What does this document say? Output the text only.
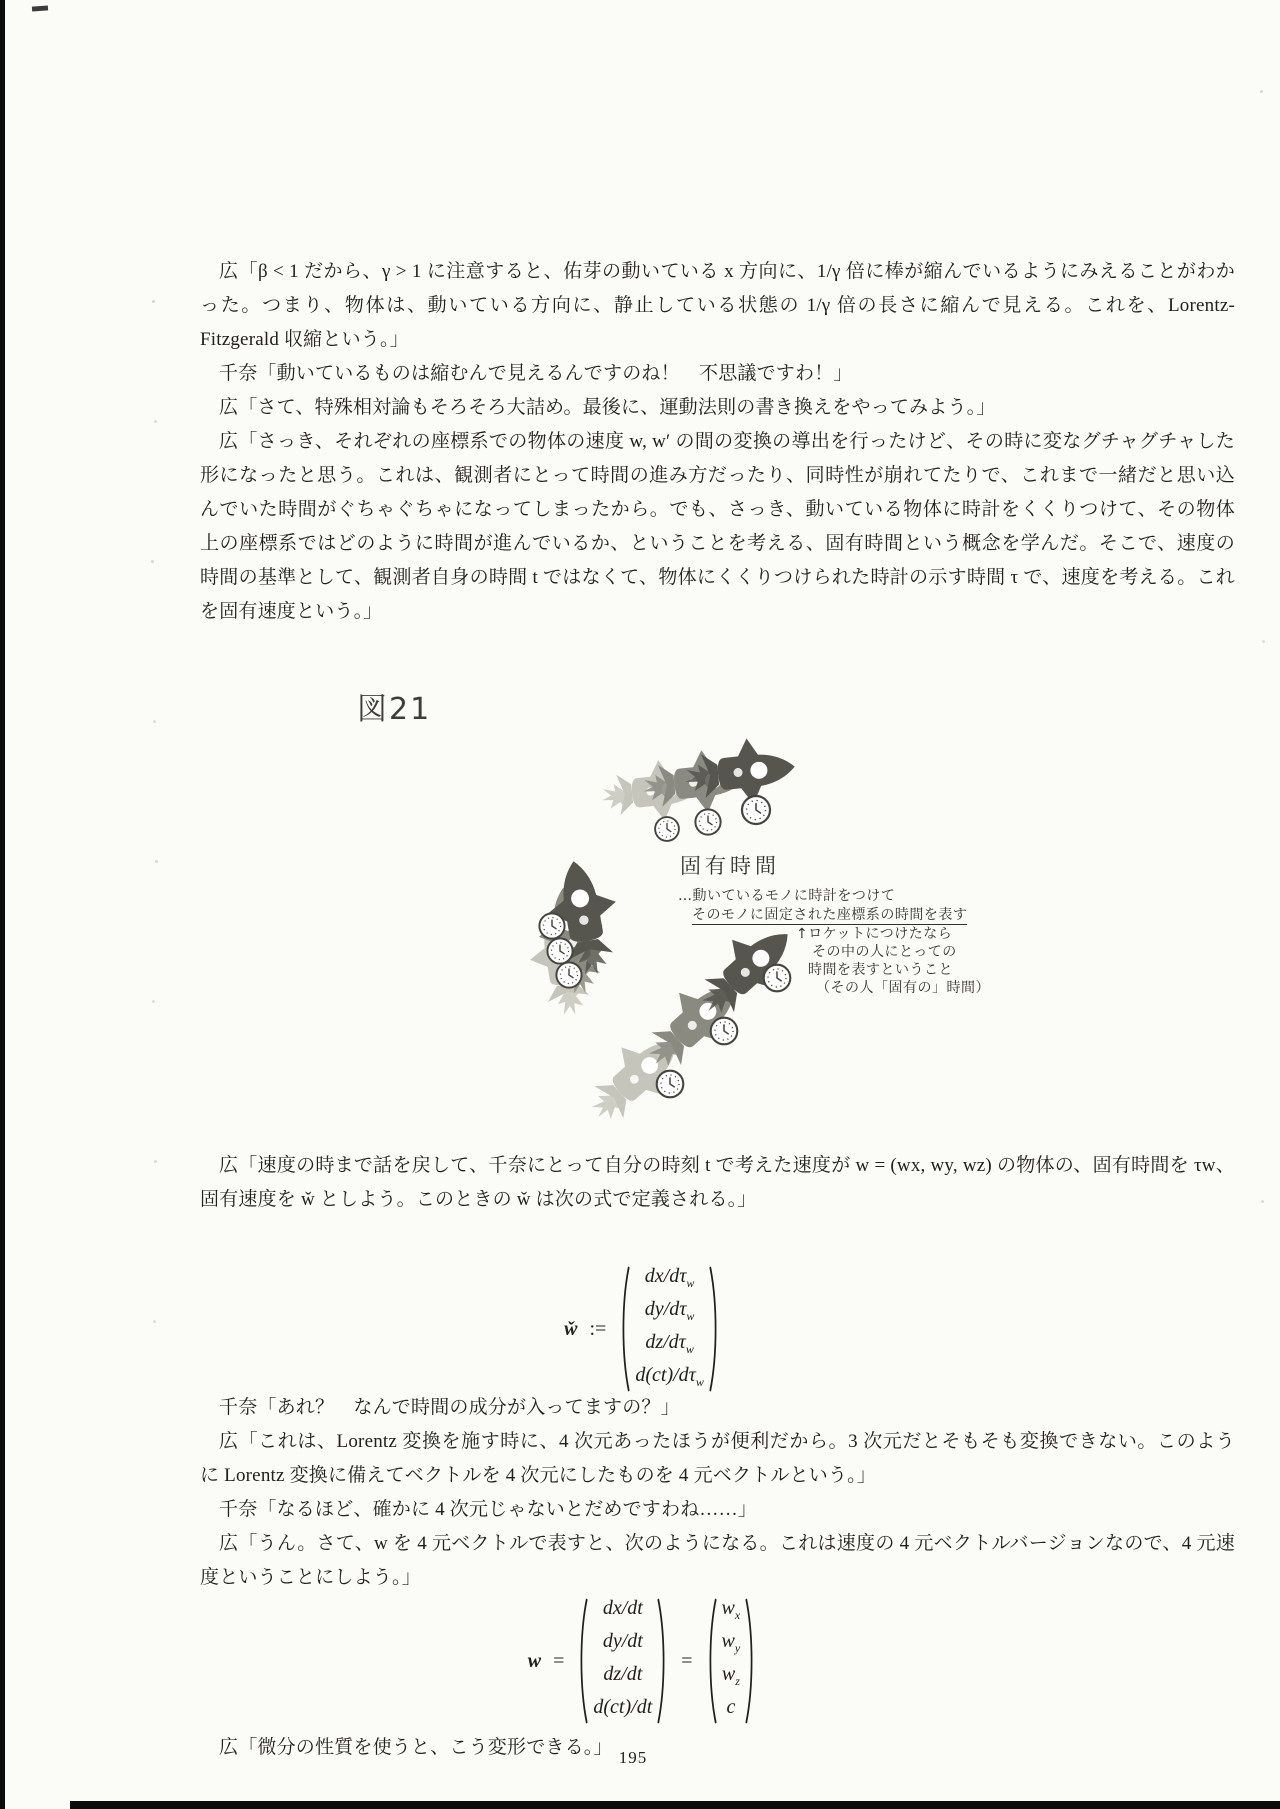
広「β < 1 だから、γ > 1 に注意すると、佑芽の動いている x 方向に、1/γ 倍に棒が縮んでいるようにみえることがわかった。つまり、物体は、動いている方向に、静止している状態の 1/γ 倍の長さに縮んで見える。これを、Lorentz-Fitzgerald 収縮という。」

千奈「動いているものは縮むんで見えるんですのね！　不思議ですわ！」

広「さて、特殊相対論もそろそろ大詰め。最後に、運動法則の書き換えをやってみよう。」

広「さっき、それぞれの座標系での物体の速度 w, w′ の間の変換の導出を行ったけど、その時に変なグチャグチャした形になったと思う。これは、観測者にとって時間の進み方だったり、同時性が崩れてたりで、これまで一緒だと思い込んでいた時間がぐちゃぐちゃになってしまったから。でも、さっき、動いている物体に時計をくくりつけて、その物体上の座標系ではどのように時間が進んでいるか、ということを考える、固有時間という概念を学んだ。そこで、速度の時間の基準として、観測者自身の時間 t ではなくて、物体にくくりつけられた時計の示す時間 τ で、速度を考える。これを固有速度という。」

図21
固有時間
…動いているモノに時計をつけて
そのモノに固定された座標系の時間を表す
↑ロケットにつけたなら
その中の人にとっての
時間を表すということ
（その人「固有の」時間）

広「速度の時まで話を戻して、千奈にとって自分の時刻 t で考えた速度が w = (wx, wy, wz) の物体の、固有時間を τw、固有速度を w̌ としよう。このときの w̌ は次の式で定義される。」

w̌ :=
$dx/d\tau_w$
$dy/d\tau_w$
$dz/d\tau_w$
$d(ct)/d\tau_w$

千奈「あれ？　なんで時間の成分が入ってますの？」

広「これは、Lorentz 変換を施す時に、4 次元あったほうが便利だから。3 次元だとそもそも変換できない。このように Lorentz 変換に備えてベクトルを 4 次元にしたものを 4 元ベクトルという。」

千奈「なるほど、確かに 4 次元じゃないとだめですわね……」

広「うん。さて、w を 4 元ベクトルで表すと、次のようになる。これは速度の 4 元ベクトルバージョンなので、4 元速度ということにしよう。」

w =
dx/dt
dy/dt
dz/dt
d(ct)/dt
=
$w_x$
$w_y$
$w_z$
c

広「微分の性質を使うと、こう変形できる。」 195
